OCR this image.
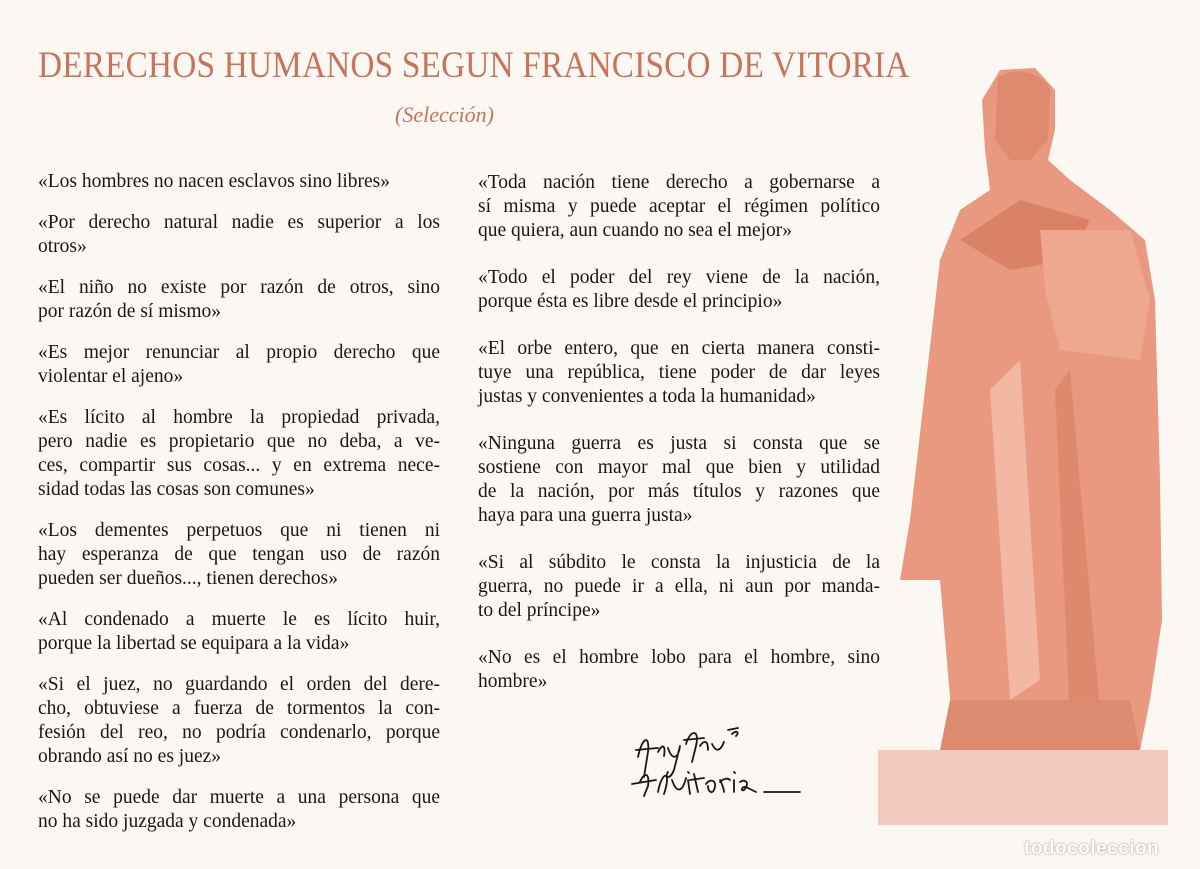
DERECHOS HUMANOS SEGUN FRANCISCO DE VITORIA
(Selección)
«Los hombres no nacen esclavos sino libres»
«Por derecho natural nadie es superior a los
otros»
«El niño no existe por razón de otros, sino
por razón de sí mismo»
«Es mejor renunciar al propio derecho que
violentar el ajeno»
«Es lícito al hombre la propiedad privada,
pero nadie es propietario que no deba, a ve-
ces, compartir sus cosas... y en extrema nece-
sidad todas las cosas son comunes»
«Los dementes perpetuos que ni tienen ni
hay esperanza de que tengan uso de razón
pueden ser dueños..., tienen derechos»
«Al condenado a muerte le es lícito huir,
porque la libertad se equipara a la vida»
«Si el juez, no guardando el orden del dere-
cho, obtuviese a fuerza de tormentos la con-
fesión del reo, no podría condenarlo, porque
obrando así no es juez»
«No se puede dar muerte a una persona que
no ha sido juzgada y condenada»
«Toda nación tiene derecho a gobernarse a
sí misma y puede aceptar el régimen político
que quiera, aun cuando no sea el mejor»
«Todo el poder del rey viene de la nación,
porque ésta es libre desde el principio»
«El orbe entero, que en cierta manera consti-
tuye una república, tiene poder de dar leyes
justas y convenientes a toda la humanidad»
«Ninguna guerra es justa si consta que se
sostiene con mayor mal que bien y utilidad
de la nación, por más títulos y razones que
haya para una guerra justa»
«Si al súbdito le consta la injusticia de la
guerra, no puede ir a ella, ni aun por manda-
to del príncipe»
«No es el hombre lobo para el hombre, sino
hombre»
todocoleccion
